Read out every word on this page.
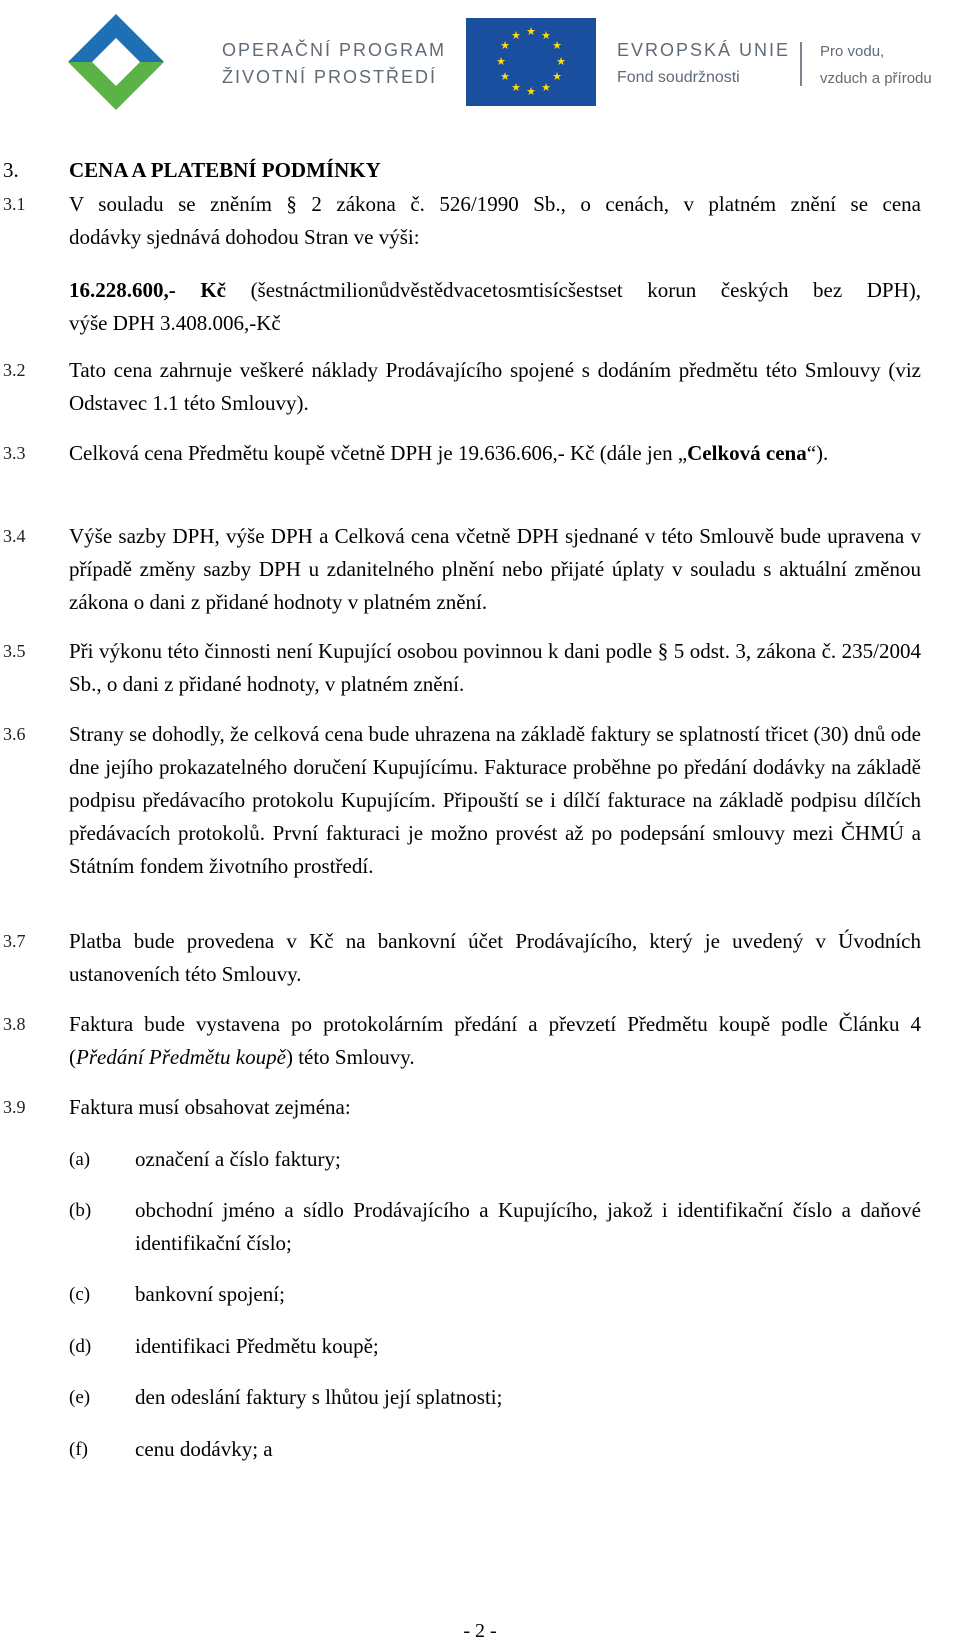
OPERAČNÍ PROGRAM
ŽIVOTNÍ PROSTŘEDÍ
★ ★
★
★
★
★
★
★
★
★
★
★
EVROPSKÁ UNIE
Fond soudržnosti
Pro vodu,
vzduch a přírodu
3. CENA A PLATEBNÍ PODMÍNKY
3.1 V souladu se zněním § 2 zákona č. 526/1990 Sb., o cenách, v platném znění se cena
dodávky sjednává dohodou Stran ve výši:
16.228.600,- Kč (šestnáctmilionůdvěstědvacetosmtisícšestset korun českých bez DPH),
výše DPH 3.408.006,-Kč
3.2 Tato cena zahrnuje veškeré náklady Prodávajícího spojené s dodáním předmětu této Smlouvy (viz Odstavec 1.1 této Smlouvy).
3.3 Celková cena Předmětu koupě včetně DPH je 19.636.606,- Kč (dále jen „Celková cena“).
3.4 Výše sazby DPH, výše DPH a Celková cena včetně DPH sjednané v této Smlouvě bude upravena v případě změny sazby DPH u zdanitelného plnění nebo přijaté úplaty v souladu s aktuální změnou zákona o dani z přidané hodnoty v platném znění.
3.5 Při výkonu této činnosti není Kupující osobou povinnou k dani podle § 5 odst. 3, zákona č. 235/2004 Sb., o dani z přidané hodnoty, v platném znění.
3.6 Strany se dohodly, že celková cena bude uhrazena na základě faktury se splatností třicet (30) dnů ode dne jejího prokazatelného doručení Kupujícímu. Fakturace proběhne po předání dodávky na základě podpisu předávacího protokolu Kupujícím. Připouští se i dílčí fakturace na základě podpisu dílčích předávacích protokolů. První fakturaci je možno provést až po podepsání smlouvy mezi ČHMÚ a Státním fondem životního prostředí.
3.7 Platba bude provedena v Kč na bankovní účet Prodávajícího, který je uvedený v Úvodních ustanoveních této Smlouvy.
3.8 Faktura bude vystavena po protokolárním předání a převzetí Předmětu koupě podle Článku 4 (Předání Předmětu koupě) této Smlouvy.
3.9 Faktura musí obsahovat zejména:
(a) označení a číslo faktury;
(b) obchodní jméno a sídlo Prodávajícího a Kupujícího, jakož i identifikační číslo a daňové identifikační číslo;
(c) bankovní spojení;
(d) identifikaci Předmětu koupě;
(e) den odeslání faktury s lhůtou její splatnosti;
(f) cenu dodávky; a
- 2 -
